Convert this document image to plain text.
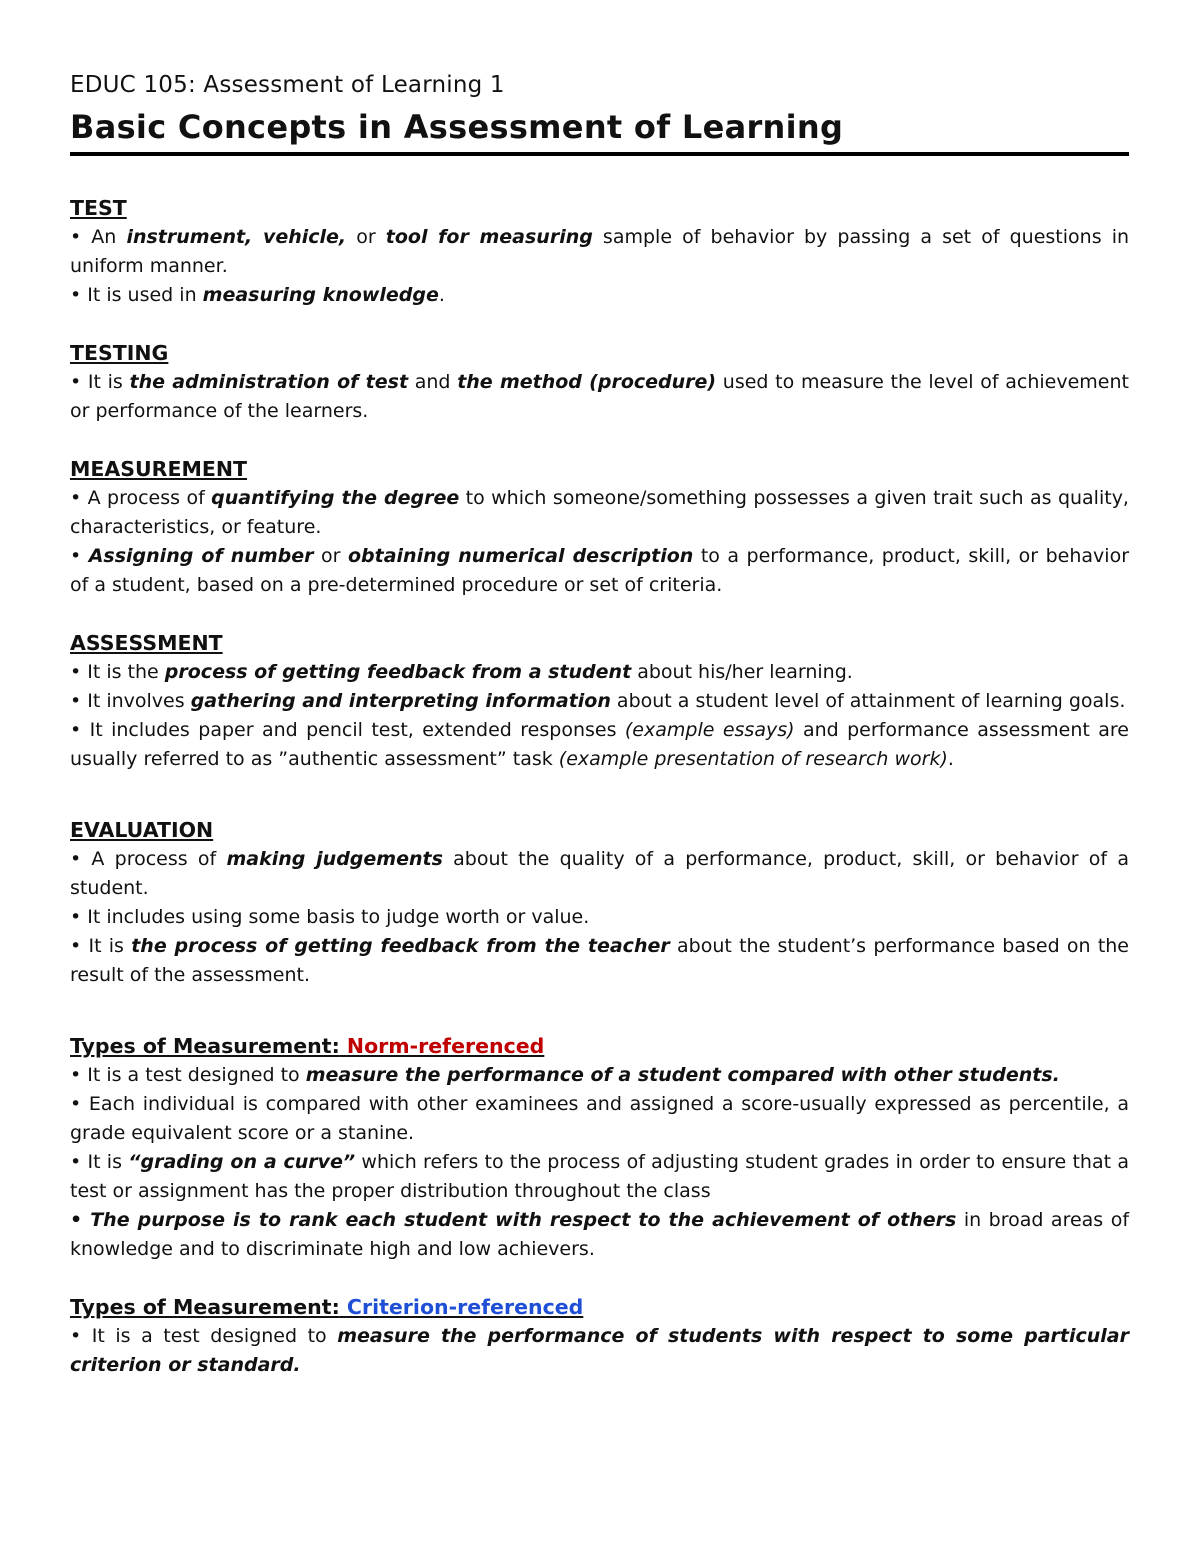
EDUC 105: Assessment of Learning 1

Basic Concepts in Assessment of Learning

TEST

• An instrument, vehicle, or tool for measuring sample of behavior by passing a set of questions in uniform manner.

• It is used in measuring knowledge.

TESTING

• It is the administration of test and the method (procedure) used to measure the level of achievement or performance of the learners.

MEASUREMENT

• A process of quantifying the degree to which someone/something possesses a given trait such as quality, characteristics, or feature.

• Assigning of number or obtaining numerical description to a performance, product, skill, or behavior of a student, based on a pre-determined procedure or set of criteria.

ASSESSMENT

• It is the process of getting feedback from a student about his/her learning.

• It involves gathering and interpreting information about a student level of attainment of learning goals.

• It includes paper and pencil test, extended responses (example essays) and performance assessment are usually referred to as ”authentic assessment” task (example presentation of research work).

EVALUATION

• A process of making judgements about the quality of a performance, product, skill, or behavior of a student.

• It includes using some basis to judge worth or value.

• It is the process of getting feedback from the teacher about the student’s performance based on the result of the assessment.

Types of Measurement: Norm-referenced

• It is a test designed to measure the performance of a student compared with other students.

• Each individual is compared with other examinees and assigned a score-usually expressed as percentile, a grade equivalent score or a stanine.

• It is “grading on a curve” which refers to the process of adjusting student grades in order to ensure that a test or assignment has the proper distribution throughout the class

• The purpose is to rank each student with respect to the achievement of others in broad areas of knowledge and to discriminate high and low achievers.

Types of Measurement: Criterion-referenced

• It is a test designed to measure the performance of students with respect to some particular criterion or standard.
